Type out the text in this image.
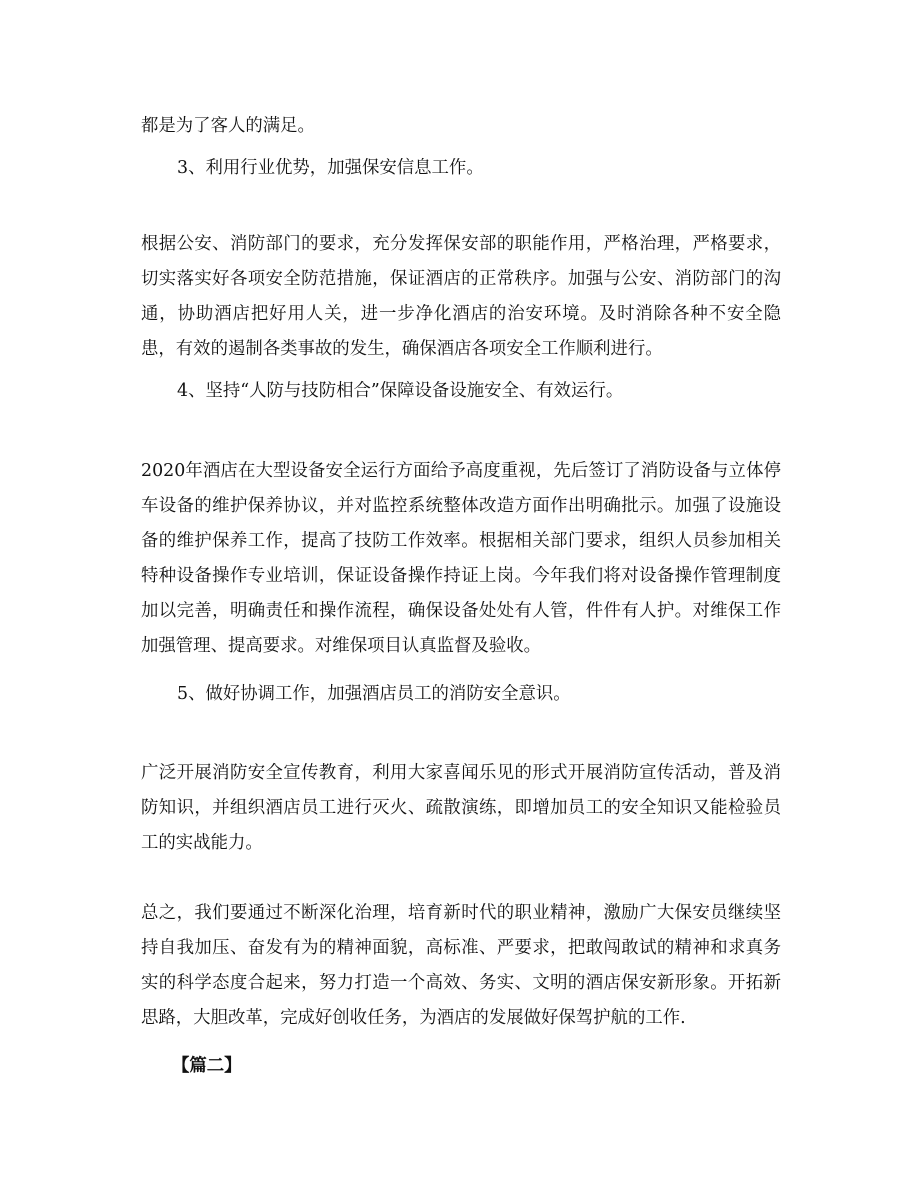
都是为了客人的满足。

3、利用行业优势，加强保安信息工作。

根据公安、消防部门的要求，充分发挥保安部的职能作用，严格治理，严格要求，切实落实好各项安全防范措施，保证酒店的正常秩序。加强与公安、消防部门的沟通，协助酒店把好用人关，进一步净化酒店的治安环境。及时消除各种不安全隐患，有效的遏制各类事故的发生，确保酒店各项安全工作顺利进行。

4、坚持“人防与技防相合”保障设备设施安全、有效运行。

2020年酒店在大型设备安全运行方面给予高度重视，先后签订了消防设备与立体停车设备的维护保养协议，并对监控系统整体改造方面作出明确批示。加强了设施设备的维护保养工作，提高了技防工作效率。根据相关部门要求，组织人员参加相关特种设备操作专业培训，保证设备操作持证上岗。今年我们将对设备操作管理制度加以完善，明确责任和操作流程，确保设备处处有人管，件件有人护。对维保工作加强管理、提高要求。对维保项目认真监督及验收。

5、做好协调工作，加强酒店员工的消防安全意识。

广泛开展消防安全宣传教育，利用大家喜闻乐见的形式开展消防宣传活动，普及消防知识，并组织酒店员工进行灭火、疏散演练，即增加员工的安全知识又能检验员工的实战能力。

总之，我们要通过不断深化治理，培育新时代的职业精神，激励广大保安员继续坚持自我加压、奋发有为的精神面貌，高标准、严要求，把敢闯敢试的精神和求真务实的科学态度合起来，努力打造一个高效、务实、文明的酒店保安新形象。开拓新思路，大胆改革，完成好创收任务，为酒店的发展做好保驾护航的工作.

【篇二】
